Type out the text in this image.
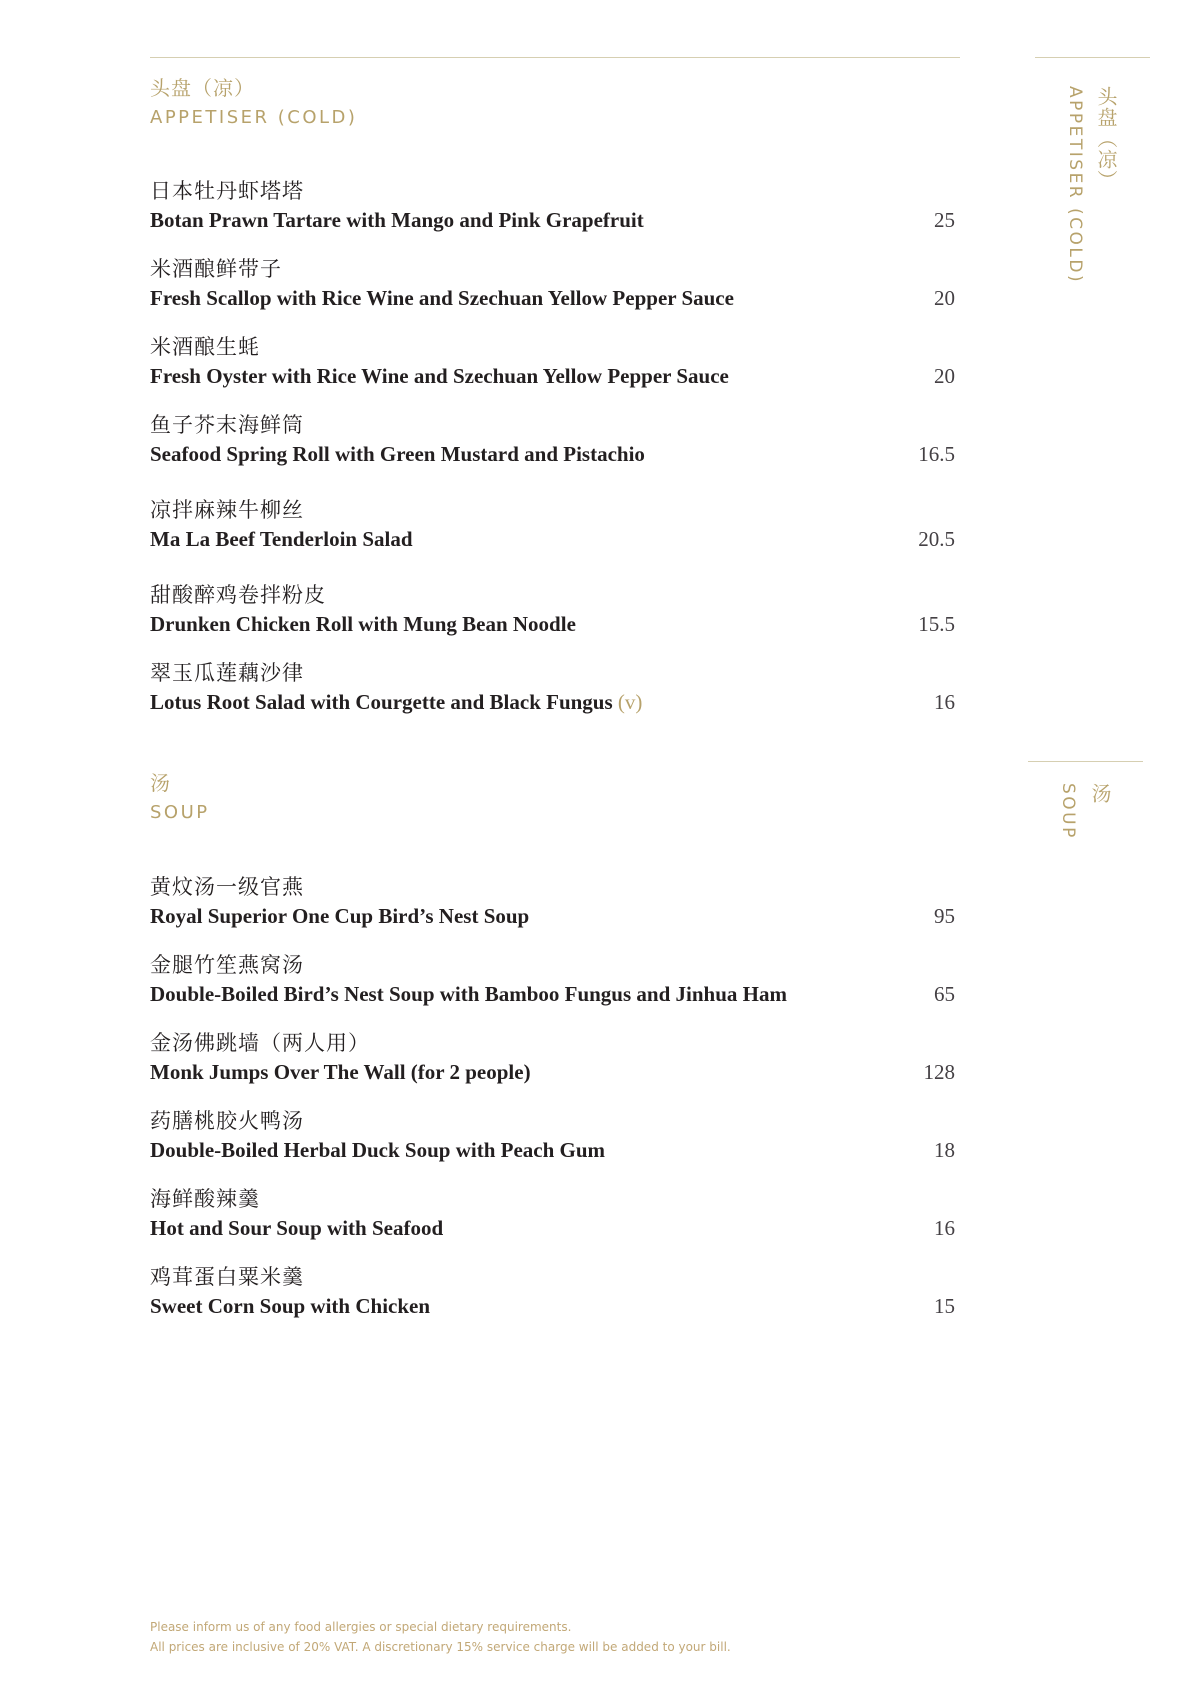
头盘（凉）
APPETISER (COLD)
日本牡丹虾塔塔
Botan Prawn Tartare with Mango and Pink Grapefruit	25
米酒酿鲜带子
Fresh Scallop with Rice Wine and Szechuan Yellow Pepper Sauce	20
米酒酿生蚝
Fresh Oyster with Rice Wine and Szechuan Yellow Pepper Sauce	20
鱼子芥末海鲜筒
Seafood Spring Roll with Green Mustard and Pistachio	16.5
凉拌麻辣牛柳丝
Ma La Beef Tenderloin Salad	20.5
甜酸醉鸡卷拌粉皮
Drunken Chicken Roll with Mung Bean Noodle	15.5
翠玉瓜莲藕沙律
Lotus Root Salad with Courgette and Black Fungus (v)	16
汤
SOUP
黄炆汤一级官燕
Royal Superior One Cup Bird’s Nest Soup	95
金腿竹笙燕窝汤
Double-Boiled Bird’s Nest Soup with Bamboo Fungus and Jinhua Ham	65
金汤佛跳墙（两人用）
Monk Jumps Over The Wall (for 2 people)	128
药膳桃胶火鸭汤
Double-Boiled Herbal Duck Soup with Peach Gum	18
海鲜酸辣羹
Hot and Sour Soup with Seafood	16
鸡茸蛋白粟米羹
Sweet Corn Soup with Chicken	15
头盘（凉）
APPETISER (COLD)
汤
SOUP
Please inform us of any food allergies or special dietary requirements.
All prices are inclusive of 20% VAT. A discretionary 15% service charge will be added to your bill.
